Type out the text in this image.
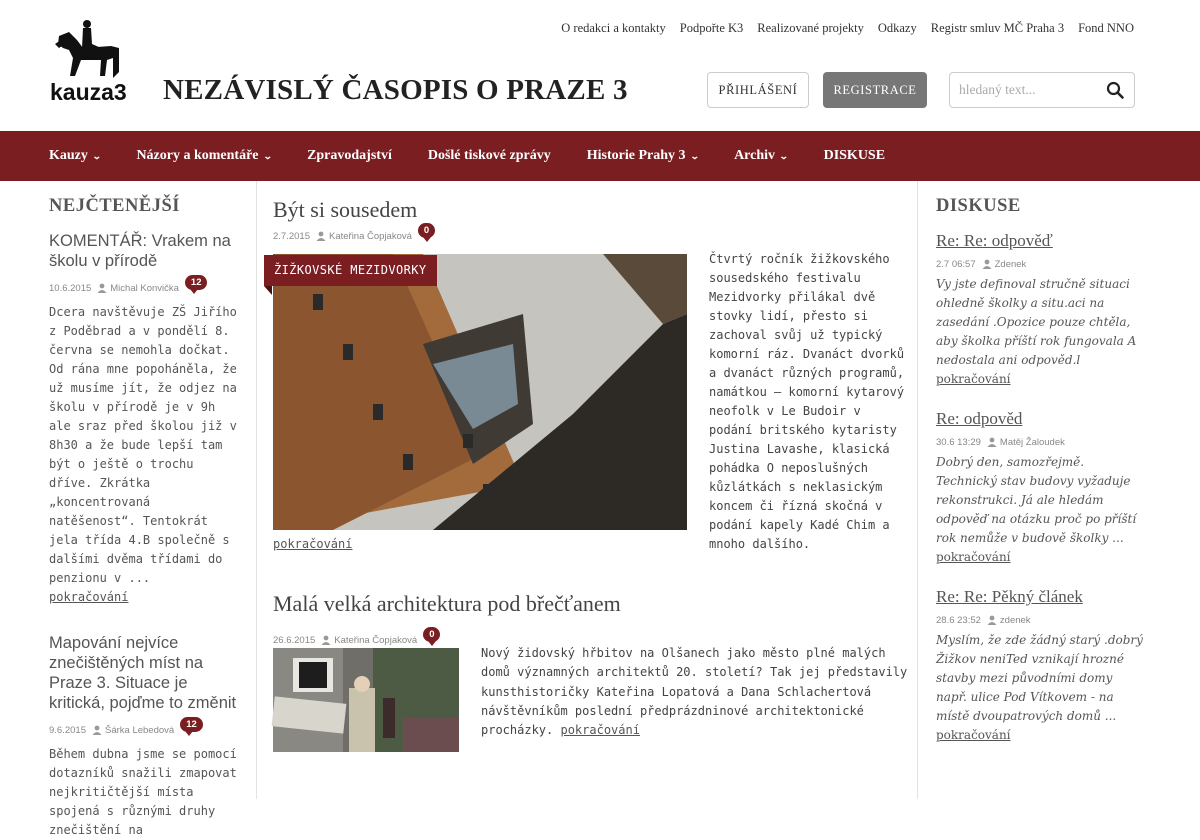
O redakci a kontakty Podpořte K3 Realizované projekty Odkazy Registr smluv MČ Praha 3 Fond NNO
kauza3 NEZÁVISLÝ ČASOPIS O PRAZE 3	PŘIHLÁŠENÍ	REGISTRACE
hledaný text...
Kauzy ⌄ Názory a komentáře ⌄ Zpravodajství	Došlé tiskové zprávy	Historie Prahy 3 ⌄ Archiv ⌄ DISKUSE
NEJČTENĚJŠÍ
KOMENTÁŘ: Vrakem na školu v přírodě
10.6.2015 Michal Konvička
12
Dcera navštěvuje ZŠ Jiřího z Poděbrad a v pondělí 8. června se nemohla dočkat. Od rána mne popoháněla, že už musíme jít, že odjez na školu v přírodě je v 9h ale sraz před školou již v 8h30 a že bude lepší tam být o ještě o trochu dříve. Zkrátka „koncentrovaná natěšenost“. Tentokrát jela třída 4.B společně s dalšími dvěma třídami do penzionu v ...
pokračování
Mapování nejvíce znečištěných míst na Praze 3. Situace je kritická, pojďme to změnit
9.6.2015 Šárka Lebedová
12
Během dubna jsme se pomocí dotazníků snažili zmapovat nejkritičtější místa spojená s různými druhy znečištění na
Být si sousedem
2.7.2015 Kateřina Čopjaková
0
ŽIŽKOVSKÉ MEZIDVORKY
Čtvrtý ročník žižkovského sousedského festivalu Mezidvorky přilákal dvě stovky lidí, přesto si zachoval svůj už typický komorní ráz. Dvanáct dvorků a dvanáct různých programů, namátkou – komorní kytarový neofolk v Le Budoir v podání britského kytaristy Justina Lavashe, klasická pohádka O neposlušných kůzlátkách s neklasickým koncem či řízná skočná v podání kapely Kadé Chim a mnoho dalšího.
pokračování
Malá velká architektura pod břečťanem
26.6.2015 Kateřina Čopjaková
0
Nový židovský hřbitov na Olšanech jako město plné malých domů významných architektů 20. století? Tak jej představily kunsthistoričky Kateřina Lopatová a Dana Schlachertová návštěvníkům poslední předprázdninové architektonické procházky. pokračování
DISKUSE
Re: Re: odpověď
2.7 06:57 Zdenek
Vy jste definoval stručně situaci ohledně školky a situ.aci na zasedání .Opozice pouze chtěla, aby školka příští rok fungovala A nedostala ani odpověd.l
pokračování
Re: odpověd
30.6 13:29 Matěj Žaloudek
Dobrý den, samozřejmě. Technický stav budovy vyžaduje rekonstrukci. Já ale hledám odpověď na otázku proč po příští rok nemůže v budově školky ...
pokračování
Re: Re: Pěkný článek
28.6 23:52 zdenek
Myslím, že zde žádný starý .dobrý Žižkov neniTed vznikají hrozné stavby mezi původními domy např. ulice Pod Vítkovem - na místě dvoupatrových domů ...
pokračování
